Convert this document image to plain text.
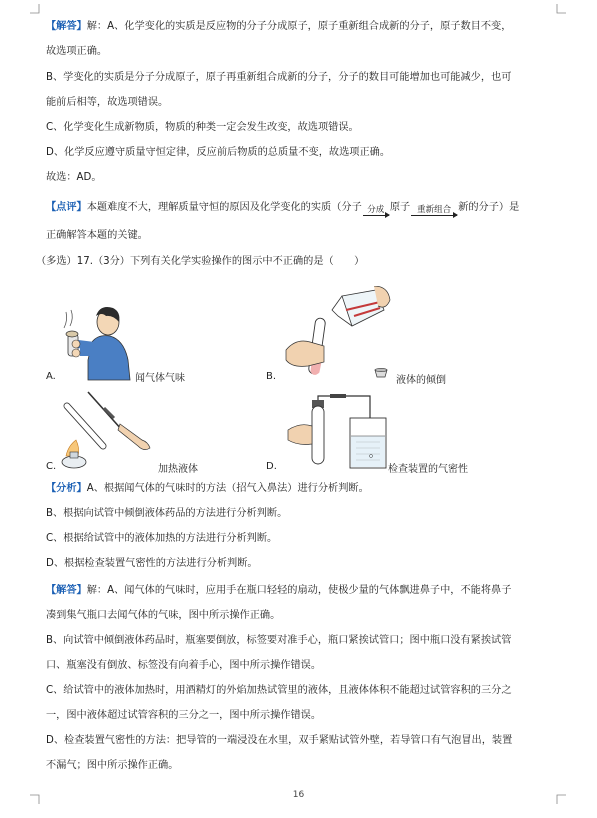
【解答】解：A、化学变化的实质是反应物的分子分成原子，原子重新组合成新的分子，原子数目不变，
故选项正确。
B、学变化的实质是分子分成原子，原子再重新组合成新的分子，分子的数目可能增加也可能减少，也可
能前后相等，故选项错误。
C、化学变化生成新物质，物质的种类一定会发生改变，故选项错误。
D、化学反应遵守质量守恒定律，反应前后物质的总质量不变，故选项正确。
故选：AD。
【点评】本题难度不大，理解质量守恒的原因及化学变化的实质（分子 分成 原子 重新组合 新的分子）是
正确解答本题的关键。
（多选）17.（3分）下列有关化学实验操作的图示中不正确的是（　　）
A.	闻气体气味	B.	液体的倾倒
C.	加热液体	D.	检查装置的气密性
【分析】A、根据闻气体的气味时的方法（招气入鼻法）进行分析判断。
B、根据向试管中倾倒液体药品的方法进行分析判断。
C、根据给试管中的液体加热的方法进行分析判断。
D、根据检查装置气密性的方法进行分析判断。
【解答】解：A、闻气体的气味时，应用手在瓶口轻轻的扇动，使极少量的气体飘进鼻子中，不能将鼻子
凑到集气瓶口去闻气体的气味，图中所示操作正确。
B、向试管中倾倒液体药品时，瓶塞要倒放，标签要对准手心，瓶口紧挨试管口；图中瓶口没有紧挨试管
口、瓶塞没有倒放、标签没有向着手心，图中所示操作错误。
C、给试管中的液体加热时，用酒精灯的外焰加热试管里的液体，且液体体积不能超过试管容积的三分之
一，图中液体超过试管容积的三分之一，图中所示操作错误。
D、检查装置气密性的方法：把导管的一端浸没在水里，双手紧贴试管外壁，若导管口有气泡冒出，装置
不漏气；图中所示操作正确。
16
